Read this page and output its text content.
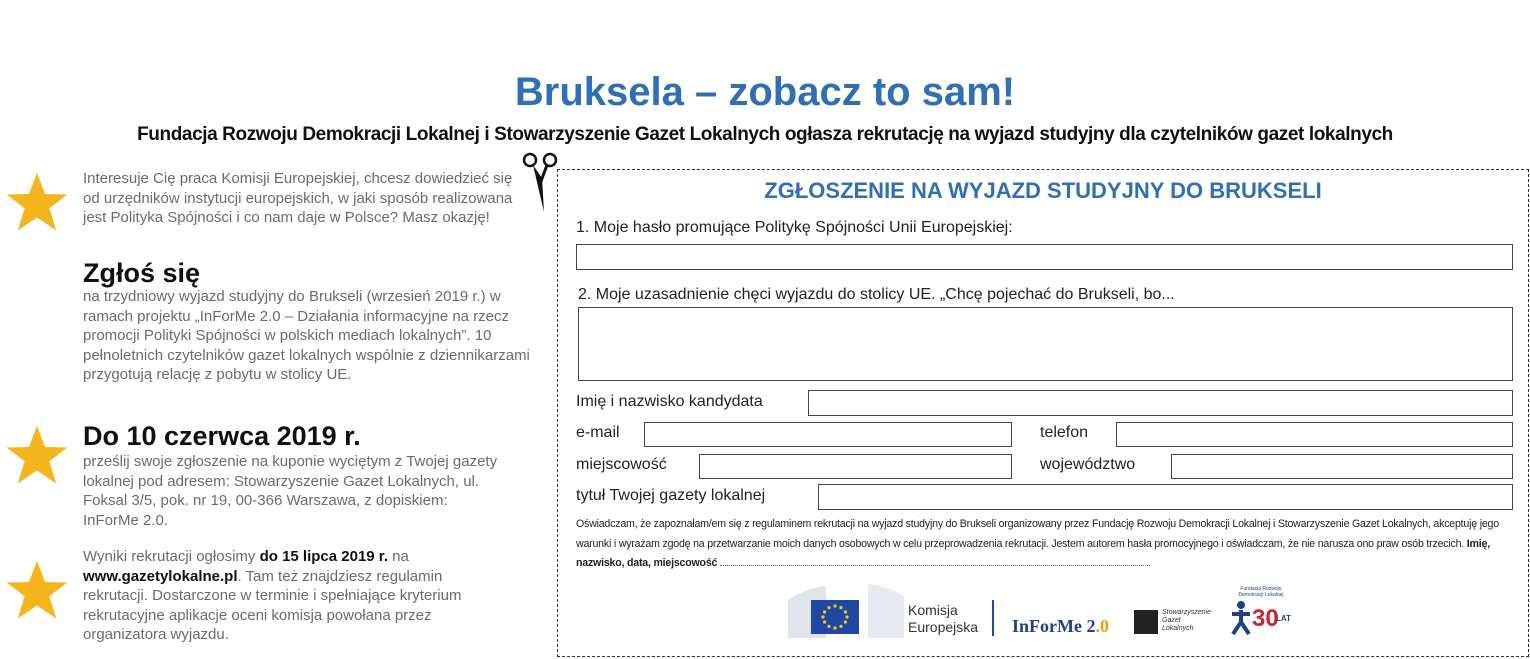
Bruksela – zobacz to sam!
Fundacja Rozwoju Demokracji Lokalnej i Stowarzyszenie Gazet Lokalnych ogłasza rekrutację na wyjazd studyjny dla czytelników gazet lokalnych
Interesuje Cię praca Komisji Europejskiej, chcesz dowiedzieć się od urzędników instytucji europejskich, w jaki sposób realizowana jest Polityka Spójności i co nam daje w Polsce? Masz okazję!
Zgłoś się
na trzydniowy wyjazd studyjny do Brukseli (wrzesień 2019 r.) w ramach projektu „InForMe 2.0 – Działania informacyjne na rzecz promocji Polityki Spójności w polskich mediach lokalnych”. 10 pełnoletnich czytelników gazet lokalnych wspólnie z dziennikarzami przygotują relację z pobytu w stolicy UE.
Do 10 czerwca 2019 r.
prześlij swoje zgłoszenie na kuponie wyciętym z Twojej gazety lokalnej pod adresem: Stowarzyszenie Gazet Lokalnych, ul. Foksal 3/5, pok. nr 19, 00-366 Warszawa, z dopiskiem: InForMe 2.0.
Wyniki rekrutacji ogłosimy do 15 lipca 2019 r. na www.gazetylokalne.pl. Tam też znajdziesz regulamin rekrutacji. Dostarczone w terminie i spełniające kryterium rekrutacyjne aplikacje oceni komisja powołana przez organizatora wyjazdu.
ZGŁOSZENIE NA WYJAZD STUDYJNY DO BRUKSELI
1. Moje hasło promujące Politykę Spójności Unii Europejskiej:
2. Moje uzasadnienie chęci wyjazdu do stolicy UE. „Chcę pojechać do Brukseli, bo...
Imię i nazwisko kandydata
e-mail	telefon
miejscowość	województwo
tytuł Twojej gazety lokalnej
Oświadczam, że zapoznałam/em się z regulaminem rekrutacji na wyjazd studyjny do Brukseli organizowany przez Fundację Rozwoju Demokracji Lokalnej i Stowarzyszenie Gazet Lokalnych, akceptuję jego warunki i wyrażam zgodę na przetwarzanie moich danych osobowych w celu przeprowadzenia rekrutacji. Jestem autorem hasła promocyjnego i oświadczam, że nie narusza ono praw osób trzecich. Imię, nazwisko, data, miejscowość
Komisja
Europejska InForMe 2.0
Stowarzyszenie
Gazet
Lokalnych
Fundacja Rozwoju
Demokracji Lokalnej
30
LAT
